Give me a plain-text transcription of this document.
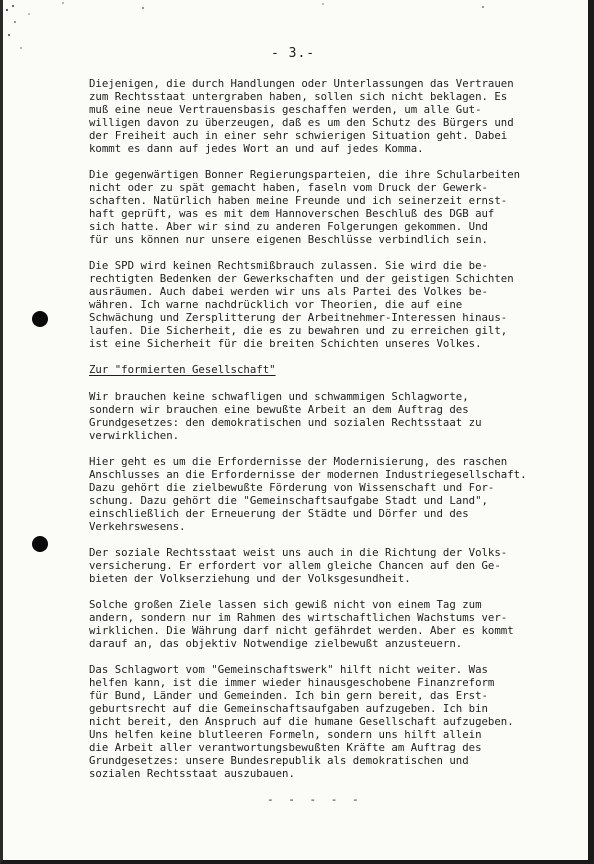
- 3.-
Diejenigen, die durch Handlungen oder Unterlassungen das Vertrauen
zum Rechtsstaat untergraben haben, sollen sich nicht beklagen. Es
muß eine neue Vertrauensbasis geschaffen werden, um alle Gut-
willigen davon zu überzeugen, daß es um den Schutz des Bürgers und
der Freiheit auch in einer sehr schwierigen Situation geht. Dabei
kommt es dann auf jedes Wort an und auf jedes Komma.
Die gegenwärtigen Bonner Regierungsparteien, die ihre Schularbeiten
nicht oder zu spät gemacht haben, faseln vom Druck der Gewerk-
schaften. Natürlich haben meine Freunde und ich seinerzeit ernst-
haft geprüft, was es mit dem Hannoverschen Beschluß des DGB auf
sich hatte. Aber wir sind zu anderen Folgerungen gekommen. Und
für uns können nur unsere eigenen Beschlüsse verbindlich sein.
Die SPD wird keinen Rechtsmißbrauch zulassen. Sie wird die be-
rechtigten Bedenken der Gewerkschaften und der geistigen Schichten
ausräumen. Auch dabei werden wir uns als Partei des Volkes be-
währen. Ich warne nachdrücklich vor Theorien, die auf eine
Schwächung und Zersplitterung der Arbeitnehmer-Interessen hinaus-
laufen. Die Sicherheit, die es zu bewahren und zu erreichen gilt,
ist eine Sicherheit für die breiten Schichten unseres Volkes.
Zur "formierten Gesellschaft"
Wir brauchen keine schwafligen und schwammigen Schlagworte,
sondern wir brauchen eine bewußte Arbeit an dem Auftrag des
Grundgesetzes: den demokratischen und sozialen Rechtsstaat zu
verwirklichen.
Hier geht es um die Erfordernisse der Modernisierung, des raschen
Anschlusses an die Erfordernisse der modernen Industriegesellschaft.
Dazu gehört die zielbewußte Förderung von Wissenschaft und For-
schung. Dazu gehört die "Gemeinschaftsaufgabe Stadt und Land",
einschließlich der Erneuerung der Städte und Dörfer und des
Verkehrswesens.
Der soziale Rechtsstaat weist uns auch in die Richtung der Volks-
versicherung. Er erfordert vor allem gleiche Chancen auf den Ge-
bieten der Volkserziehung und der Volksgesundheit.
Solche großen Ziele lassen sich gewiß nicht von einem Tag zum
andern, sondern nur im Rahmen des wirtschaftlichen Wachstums ver-
wirklichen. Die Währung darf nicht gefährdet werden. Aber es kommt
darauf an, das objektiv Notwendige zielbewußt anzusteuern.
Das Schlagwort vom "Gemeinschaftswerk" hilft nicht weiter. Was
helfen kann, ist die immer wieder hinausgeschobene Finanzreform
für Bund, Länder und Gemeinden. Ich bin gern bereit, das Erst-
geburtsrecht auf die Gemeinschaftsaufgaben aufzugeben. Ich bin
nicht bereit, den Anspruch auf die humane Gesellschaft aufzugeben.
Uns helfen keine blutleeren Formeln, sondern uns hilft allein
die Arbeit aller verantwortungsbewußten Kräfte am Auftrag des
Grundgesetzes: unsere Bundesrepublik als demokratischen und
sozialen Rechtsstaat auszubauen.
- - - - -
